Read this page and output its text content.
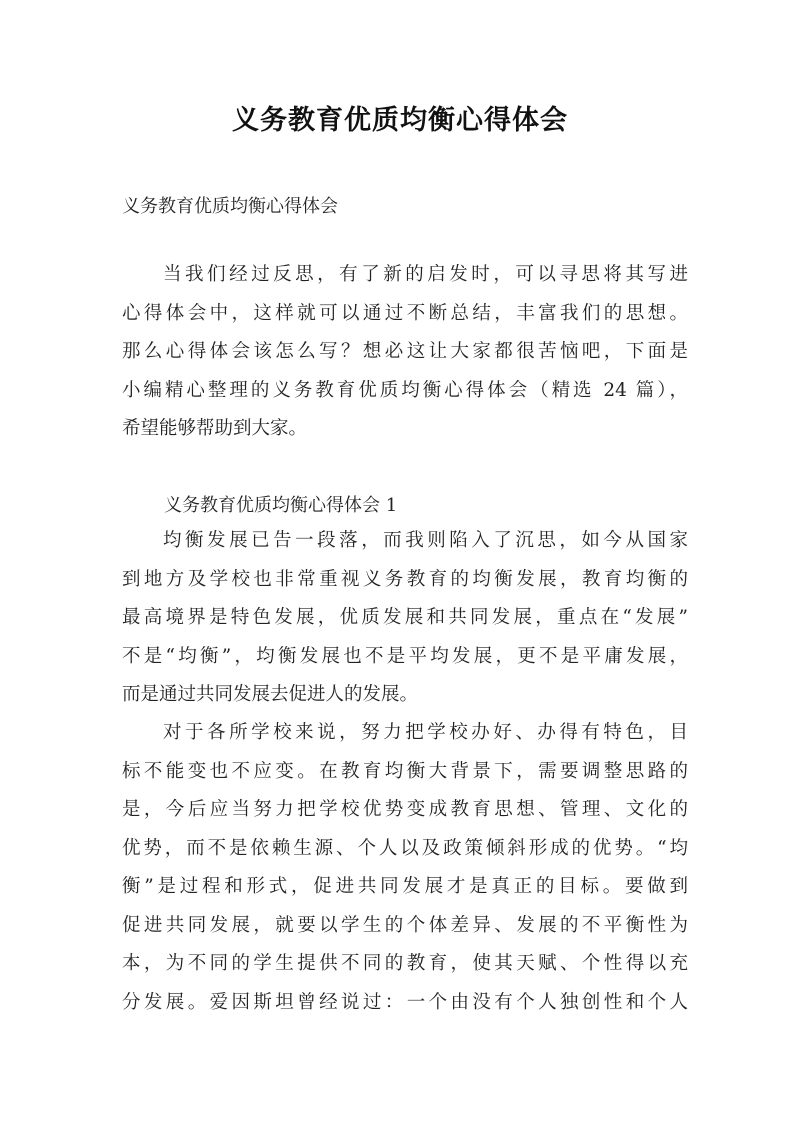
义务教育优质均衡心得体会
义务教育优质均衡心得体会
当我们经过反思，有了新的启发时，可以寻思将其写进
心得体会中，这样就可以通过不断总结，丰富我们的思想。
那么心得体会该怎么写？想必这让大家都很苦恼吧，下面是
小编精心整理的义务教育优质均衡心得体会（精选 24 篇），
希望能够帮助到大家。
义务教育优质均衡心得体会 1
均衡发展已告一段落，而我则陷入了沉思，如今从国家
到地方及学校也非常重视义务教育的均衡发展，教育均衡的
最高境界是特色发展，优质发展和共同发展，重点在“发展”
不是“均衡”，均衡发展也不是平均发展，更不是平庸发展，
而是通过共同发展去促进人的发展。
对于各所学校来说，努力把学校办好、办得有特色，目
标不能变也不应变。在教育均衡大背景下，需要调整思路的
是，今后应当努力把学校优势变成教育思想、管理、文化的
优势，而不是依赖生源、个人以及政策倾斜形成的优势。“均
衡”是过程和形式，促进共同发展才是真正的目标。要做到
促进共同发展，就要以学生的个体差异、发展的不平衡性为
本，为不同的学生提供不同的教育，使其天赋、个性得以充
分发展。爱因斯坦曾经说过：一个由没有个人独创性和个人
